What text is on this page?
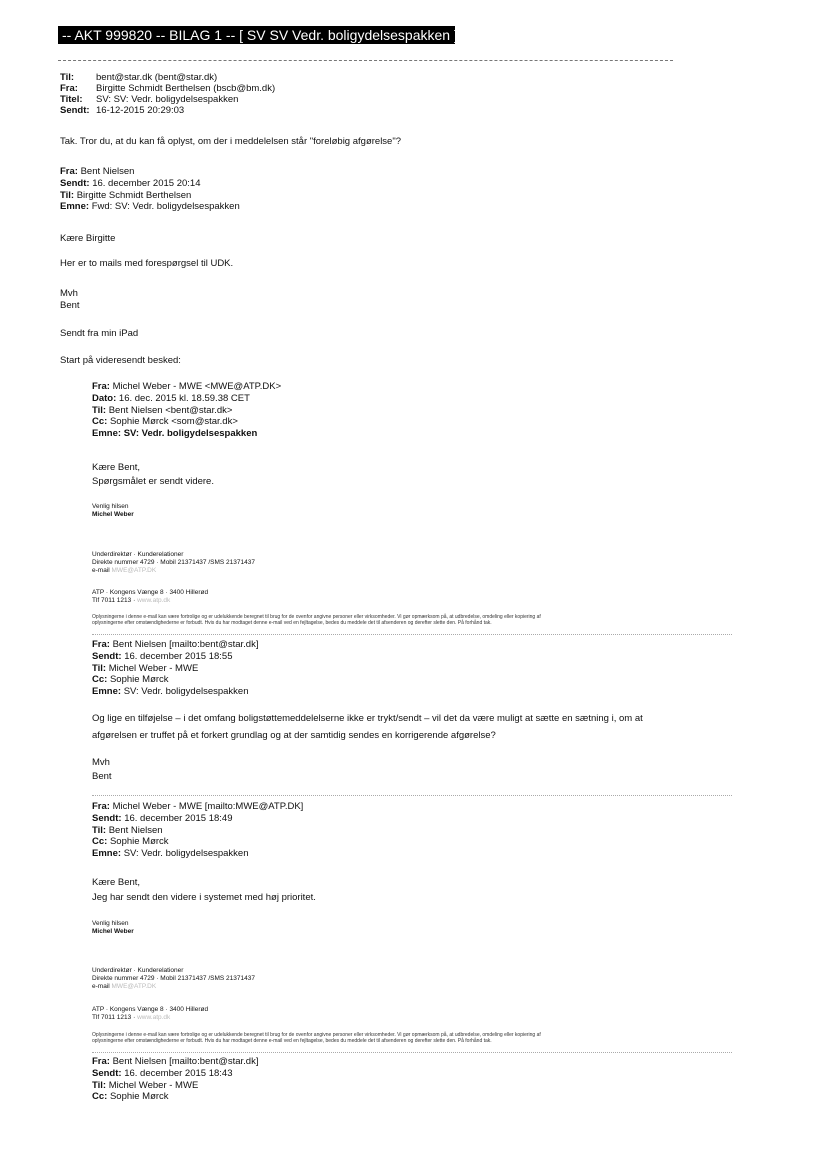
-- AKT 999820 -- BILAG 1 -- [ SV SV Vedr. boligydelsespakken ] --
Til:	bent@star.dk (bent@star.dk)
Fra:	Birgitte Schmidt Berthelsen (bscb@bm.dk)
Titel:	SV: SV: Vedr. boligydelsespakken
Sendt: 16-12-2015 20:29:03
Tak. Tror du, at du kan få oplyst, om der i meddelelsen står "foreløbig afgørelse"?
Fra: Bent Nielsen
Sendt: 16. december 2015 20:14
Til: Birgitte Schmidt Berthelsen
Emne: Fwd: SV: Vedr. boligydelsespakken
Kære Birgitte
Her er to mails med forespørgsel til UDK.
Mvh
Bent
Sendt fra min iPad
Start på videresendt besked:
Fra: Michel Weber - MWE <MWE@ATP.DK>
Dato: 16. dec. 2015 kl. 18.59.38 CET
Til: Bent Nielsen <bent@star.dk>
Cc: Sophie Mørck <som@star.dk>
Emne: SV: Vedr. boligydelsespakken
Kære Bent,
Spørgsmålet er sendt videre.
Venlig hilsen
Michel Weber
Underdirektør · Kunderelationer
Direkte nummer 4729 · Mobil 21371437 /SMS 21371437
e-mail MWE@ATP.DK
ATP · Kongens Vænge 8 · 3400 Hillerød
Tlf 7011 1213 · www.atp.dk
Oplysningerne i denne e-mail kan være fortrolige og er udelukkende beregnet til brug for de ovenfor angivne personer eller virksomheder. Vi gør opmærksom på, at udbredelse, omdeling eller kopiering af
oplysningerne efter omstændighederne er forbudt. Hvis du har modtaget denne e-mail ved en fejltagelse, bedes du meddele det til afsenderen og derefter slette den. På forhånd tak.
Fra: Bent Nielsen [mailto:bent@star.dk]
Sendt: 16. december 2015 18:55
Til: Michel Weber - MWE
Cc: Sophie Mørck
Emne: SV: Vedr. boligydelsespakken
Og lige en tilføjelse – i det omfang boligstøttemeddelelserne ikke er trykt/sendt – vil det da være muligt at sætte en sætning i, om at
afgørelsen er truffet på et forkert grundlag og at der samtidig sendes en korrigerende afgørelse?
Mvh
Bent
Fra: Michel Weber - MWE [mailto:MWE@ATP.DK]
Sendt: 16. december 2015 18:49
Til: Bent Nielsen
Cc: Sophie Mørck
Emne: SV: Vedr. boligydelsespakken
Kære Bent,
Jeg har sendt den videre i systemet med høj prioritet.
Venlig hilsen
Michel Weber
Underdirektør · Kunderelationer
Direkte nummer 4729 · Mobil 21371437 /SMS 21371437
e-mail MWE@ATP.DK
ATP · Kongens Vænge 8 · 3400 Hillerød
Tlf 7011 1213 · www.atp.dk
Oplysningerne i denne e-mail kan være fortrolige og er udelukkende beregnet til brug for de ovenfor angivne personer eller virksomheder. Vi gør opmærksom på, at udbredelse, omdeling eller kopiering af
oplysningerne efter omstændighederne er forbudt. Hvis du har modtaget denne e-mail ved en fejltagelse, bedes du meddele det til afsenderen og derefter slette den. På forhånd tak.
Fra: Bent Nielsen [mailto:bent@star.dk]
Sendt: 16. december 2015 18:43
Til: Michel Weber - MWE
Cc: Sophie Mørck
